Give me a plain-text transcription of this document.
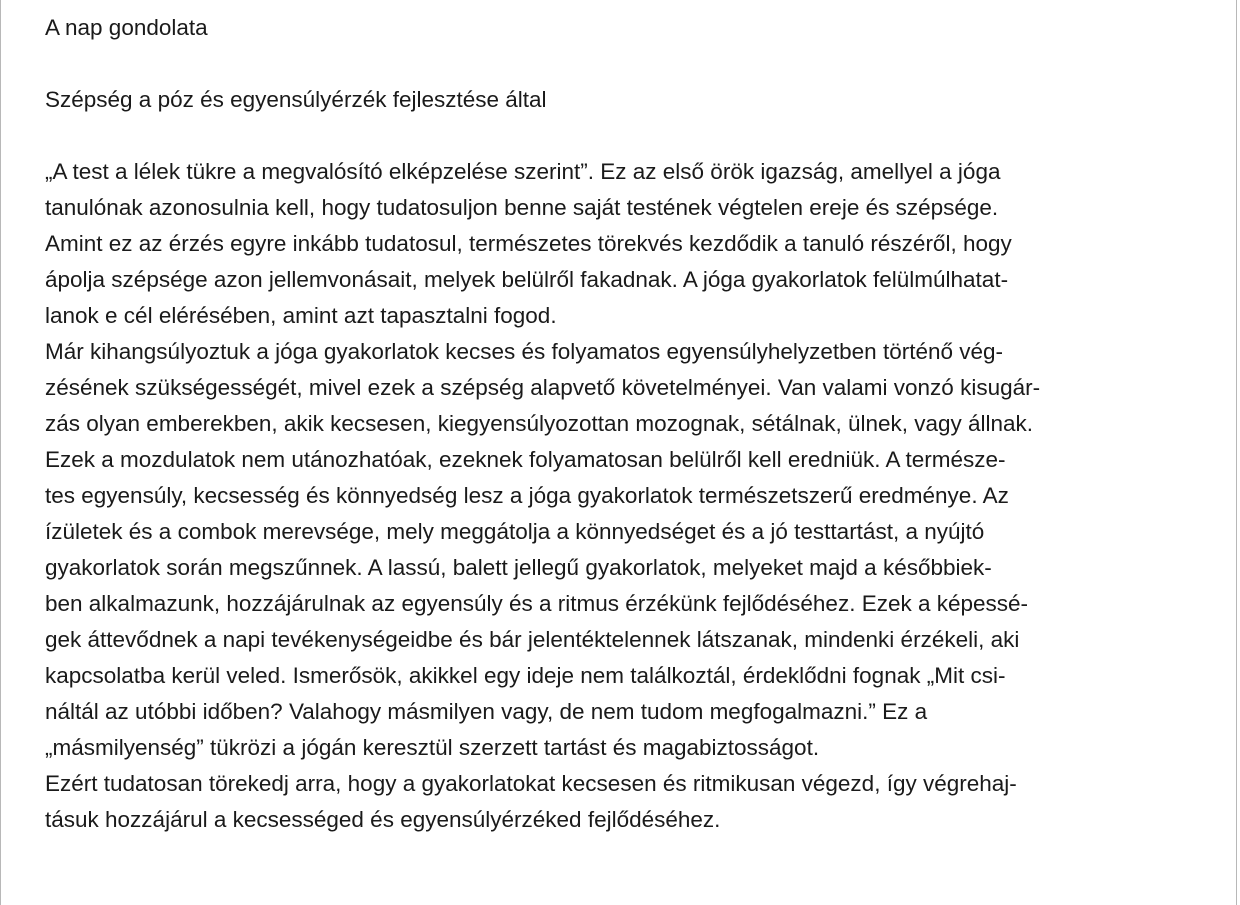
A nap gondolata
Szépség a póz és egyensúlyérzék fejlesztése által
„A test a lélek tükre a megvalósító elképzelése szerint”. Ez az első örök igazság, amellyel a jóga
tanulónak azonosulnia kell, hogy tudatosuljon benne saját testének végtelen ereje és szépsége.
Amint ez az érzés egyre inkább tudatosul, természetes törekvés kezdődik a tanuló részéről, hogy
ápolja szépsége azon jellemvonásait, melyek belülről fakadnak. A jóga gyakorlatok felülmúlhatat-
lanok e cél elérésében, amint azt tapasztalni fogod.
Már kihangsúlyoztuk a jóga gyakorlatok kecses és folyamatos egyensúlyhelyzetben történő vég-
zésének szükségességét, mivel ezek a szépség alapvető követelményei. Van valami vonzó kisugár-
zás olyan emberekben, akik kecsesen, kiegyensúlyozottan mozognak, sétálnak, ülnek, vagy állnak.
Ezek a mozdulatok nem utánozhatóak, ezeknek folyamatosan belülről kell eredniük. A természe-
tes egyensúly, kecsesség és könnyedség lesz a jóga gyakorlatok természetszerű eredménye. Az
ízületek és a combok merevsége, mely meggátolja a könnyedséget és a jó testtartást, a nyújtó
gyakorlatok során megszűnnek. A lassú, balett jellegű gyakorlatok, melyeket majd a későbbiek-
ben alkalmazunk, hozzájárulnak az egyensúly és a ritmus érzékünk fejlődéséhez. Ezek a képessé-
gek áttevődnek a napi tevékenységeidbe és bár jelentéktelennek látszanak, mindenki érzékeli, aki
kapcsolatba kerül veled. Ismerősök, akikkel egy ideje nem találkoztál, érdeklődni fognak „Mit csi-
náltál az utóbbi időben? Valahogy másmilyen vagy, de nem tudom megfogalmazni.” Ez a
„másmilyenség” tükrözi a jógán keresztül szerzett tartást és magabiztosságot.
Ezért tudatosan törekedj arra, hogy a gyakorlatokat kecsesen és ritmikusan végezd, így végrehaj-
tásuk hozzájárul a kecsességed és egyensúlyérzéked fejlődéséhez.
